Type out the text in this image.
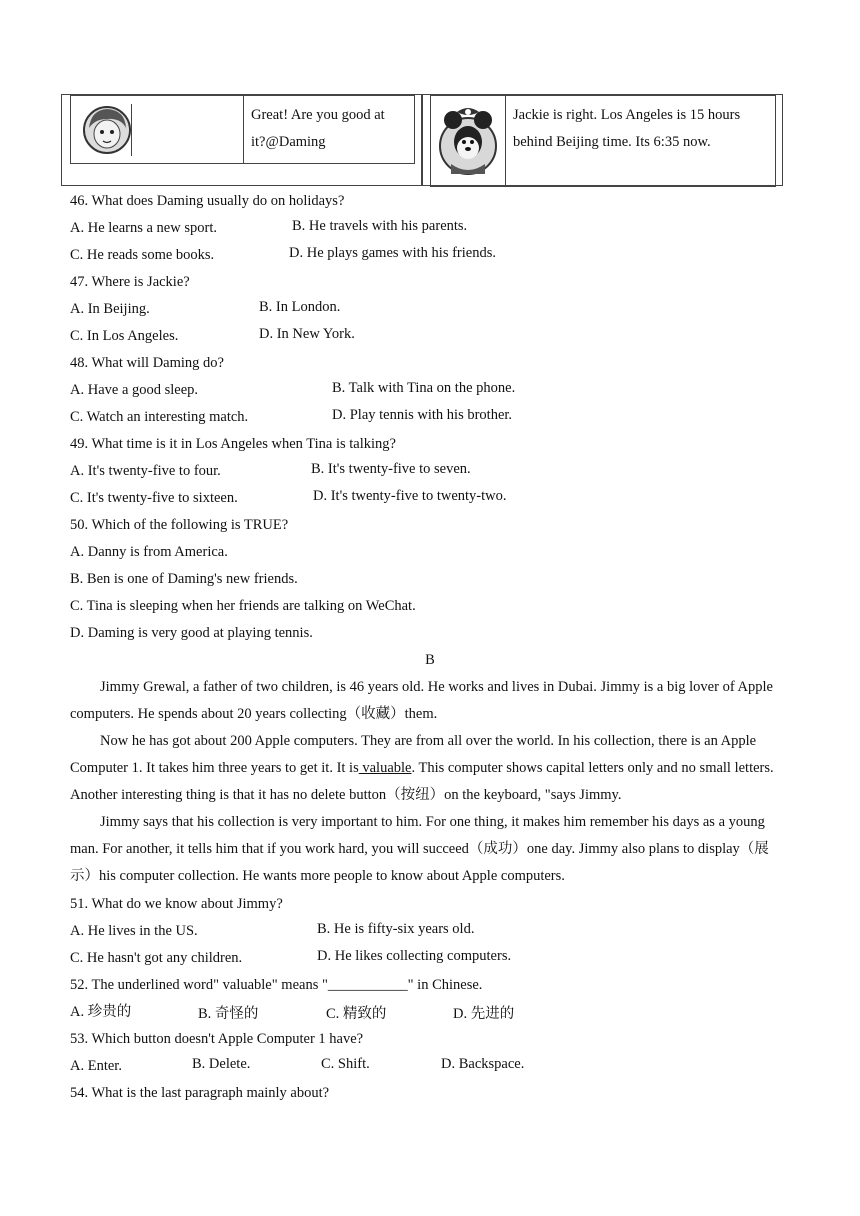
Great! Are you good at
it?@Daming
Jackie is right. Los Angeles is 15 hours
behind Beijing time. Its 6:35 now.
46. What does Daming usually do on holidays?
A. He learns a new sport.	B. He travels with his parents.
C. He reads some books.	D. He plays games with his friends.
47. Where is Jackie?
A. In Beijing.	B. In London.
C. In Los Angeles.	D. In New York.
48. What will Daming do?
A. Have a good sleep.	B. Talk with Tina on the phone.
C. Watch an interesting match.	D. Play tennis with his brother.
49. What time is it in Los Angeles when Tina is talking?
A. It's twenty-five to four.	B. It's twenty-five to seven.
C. It's twenty-five to sixteen.	D. It's twenty-five to twenty-two.
50. Which of the following is TRUE?
A. Danny is from America.
B. Ben is one of Daming's new friends.
C. Tina is sleeping when her friends are talking on WeChat.
D. Daming is very good at playing tennis.
B
Jimmy Grewal, a father of two children, is 46 years old. He works and lives in Dubai. Jimmy is a big lover of Apple computers. He spends about 20 years collecting（收藏）them.
Now he has got about 200 Apple computers. They are from all over the world. In his collection, there is an Apple Computer 1. It takes him three years to get it. It is valuable. This computer shows capital letters only and no small letters. Another interesting thing is that it has no delete button（按纽）on the keyboard, "says Jimmy.
Jimmy says that his collection is very important to him. For one thing, it makes him remember his days as a young man. For another, it tells him that if you work hard, you will succeed（成功）one day. Jimmy also plans to display（展示）his computer collection. He wants more people to know about Apple computers.
51. What do we know about Jimmy?
A. He lives in the US.	B. He is fifty-six years old.
C. He hasn't got any children.	D. He likes collecting computers.
52. The underlined word" valuable" means "___________" in Chinese.
A. 珍贵的	B. 奇怪的	C. 精致的	D. 先进的
53. Which button doesn't Apple Computer 1 have?
A. Enter.	B. Delete.	C. Shift.	D. Backspace.
54. What is the last paragraph mainly about?
